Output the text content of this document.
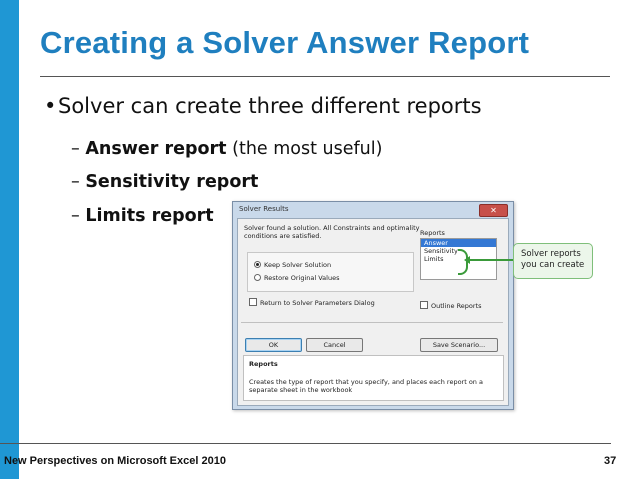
Creating a Solver Answer Report
•Solver can create three different reports
– Answer report (the most useful)
– Sensitivity report
– Limits report	Solver Results	✕
Solver found a solution. All Constraints and optimality
conditions are satisfied.	Reports
Answer
Sensitivity
Limits
Keep Solver Solution
Restore Original Values
Return to Solver Parameters Dialog	Outline Reports
OK	Cancel	Save Scenario...
Reports
Creates the type of report that you specify, and places each report on a
separate sheet in the workbook
Solver reports
you can create
New Perspectives on Microsoft Excel 2010	37
